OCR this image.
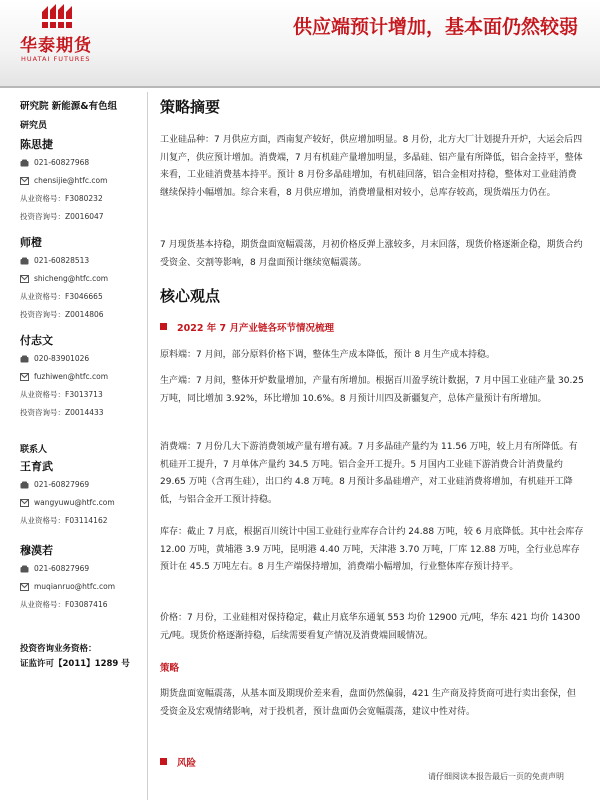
华泰期货
HUATAI FUTURES
供应端预计增加，基本面仍然较弱
研究院 新能源&有色组
研究员
陈思捷
021-60827968
chensijie@htfc.com
从业资格号：F3080232
投资咨询号：Z0016047
师橙
021-60828513
shicheng@htfc.com
从业资格号：F3046665
投资咨询号：Z0014806
付志文
020-83901026
fuzhiwen@htfc.com
从业资格号：F3013713
投资咨询号：Z0014433
联系人
王育武
021-60827969
wangyuwu@htfc.com
从业资格号：F03114162
穆漠若
021-60827969
muqianruo@htfc.com
从业资格号：F03087416
投资咨询业务资格：
证监许可【2011】1289 号
策略摘要

工业硅品种：7 月供应方面，西南复产较好，供应增加明显。8 月份，北方大厂计划提升开炉，大运会后四川复产，供应预计增加。消费端，7 月有机硅产量增加明显，多晶硅、铝产量有所降低，铝合金持平，整体来看，工业硅消费基本持平。预计 8 月份多晶硅增加，有机硅回落，铝合金相对持稳，整体对工业硅消费继续保持小幅增加。综合来看，8 月供应增加，消费增量相对较小，总库存较高，现货端压力仍在。

7 月现货基本持稳，期货盘面宽幅震荡，月初价格反弹上涨较多，月末回落，现货价格逐渐企稳，期货合约受资金、交割等影响，8 月盘面预计继续宽幅震荡。

核心观点
2022 年 7 月产业链各环节情况梳理

原料端：7 月间，部分原料价格下调，整体生产成本降低，预计 8 月生产成本持稳。

生产端：7 月间，整体开炉数量增加，产量有所增加。根据百川盈孚统计数据，7 月中国工业硅产量 30.25 万吨，同比增加 3.92%，环比增加 10.6%。8 月预计川四及新疆复产，总体产量预计有所增加。

消费端：7 月份几大下游消费领域产量有增有减。7 月多晶硅产量约为 11.56 万吨，较上月有所降低。有机硅开工提升，7 月单体产量约 34.5 万吨。铝合金开工提升。5 月国内工业硅下游消费合计消费量约 29.65 万吨（含再生硅），出口约 4.8 万吨。8 月预计多晶硅增产，对工业硅消费将增加，有机硅开工降低，与铝合金开工预计持稳。

库存：截止 7 月底，根据百川统计中国工业硅行业库存合计约 24.88 万吨，较 6 月底降低。其中社会库存 12.00 万吨，黄埔港 3.9 万吨，昆明港 4.40 万吨，天津港 3.70 万吨，厂库 12.88 万吨，全行业总库存预计在 45.5 万吨左右。8 月生产端保持增加，消费端小幅增加，行业整体库存预计持平。

价格：7 月份，工业硅相对保持稳定，截止月底华东通氧 553 均价 12900 元/吨，华东 421 均价 14300 元/吨。现货价格逐渐持稳，后续需要看复产情况及消费端回暖情况。

策略

期货盘面宽幅震荡，从基本面及期现价差来看，盘面仍然偏弱，421 生产商及持货商可进行卖出套保，但受资金及宏观情绪影响，对于投机者，预计盘面仍会宽幅震荡，建议中性对待。

风险
请仔细阅读本报告最后一页的免责声明
